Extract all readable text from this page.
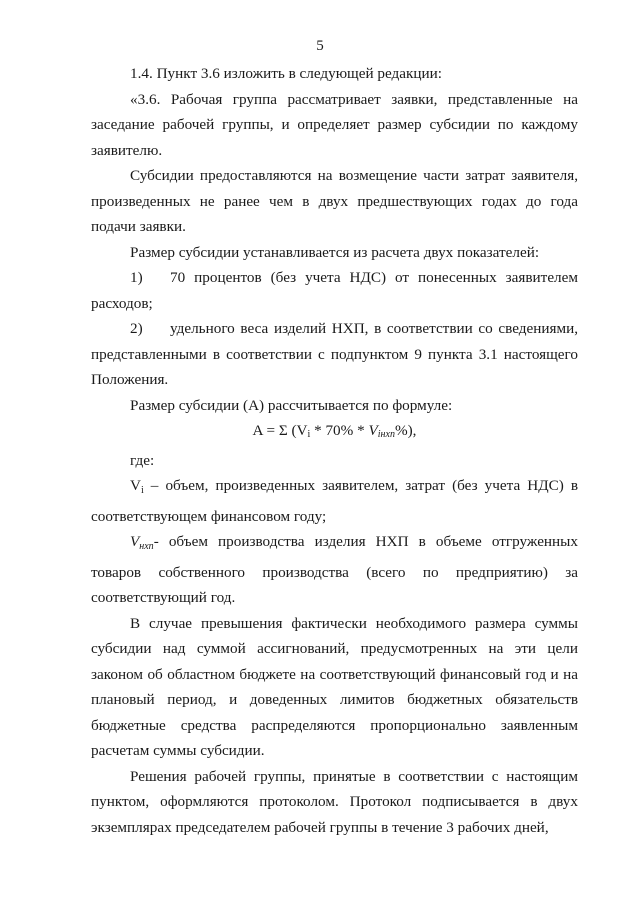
5

1.4. Пункт 3.6 изложить в следующей редакции:

«3.6. Рабочая группа рассматривает заявки, представленные на заседание рабочей группы, и определяет размер субсидии по каждому заявителю.

Субсидии предоставляются на возмещение части затрат заявителя, произведенных не ранее чем в двух предшествующих годах до года подачи заявки.

Размер субсидии устанавливается из расчета двух показателей:

1) 70 процентов (без учета НДС) от понесенных заявителем расходов;

2) удельного веса изделий НХП, в соответствии со сведениями, представленными в соответствии с подпунктом 9 пункта 3.1 настоящего Положения.

Размер субсидии (А) рассчитывается по формуле:

A = Σ $(V_i * 70\% * V_{iнхп}\%)$,

где:

Vi – объем, произведенных заявителем, затрат (без учета НДС) в соответствующем финансовом году;

Vнхп- объем производства изделия НХП в объеме отгруженных товаров собственного производства (всего по предприятию) за соответствующий год.

В случае превышения фактически необходимого размера суммы субсидии над суммой ассигнований, предусмотренных на эти цели законом об областном бюджете на соответствующий финансовый год и на плановый период, и доведенных лимитов бюджетных обязательств бюджетные средства распределяются пропорционально заявленным расчетам суммы субсидии.

Решения рабочей группы, принятые в соответствии с настоящим пунктом, оформляются протоколом. Протокол подписывается в двух экземплярах председателем рабочей группы в течение 3 рабочих дней,
